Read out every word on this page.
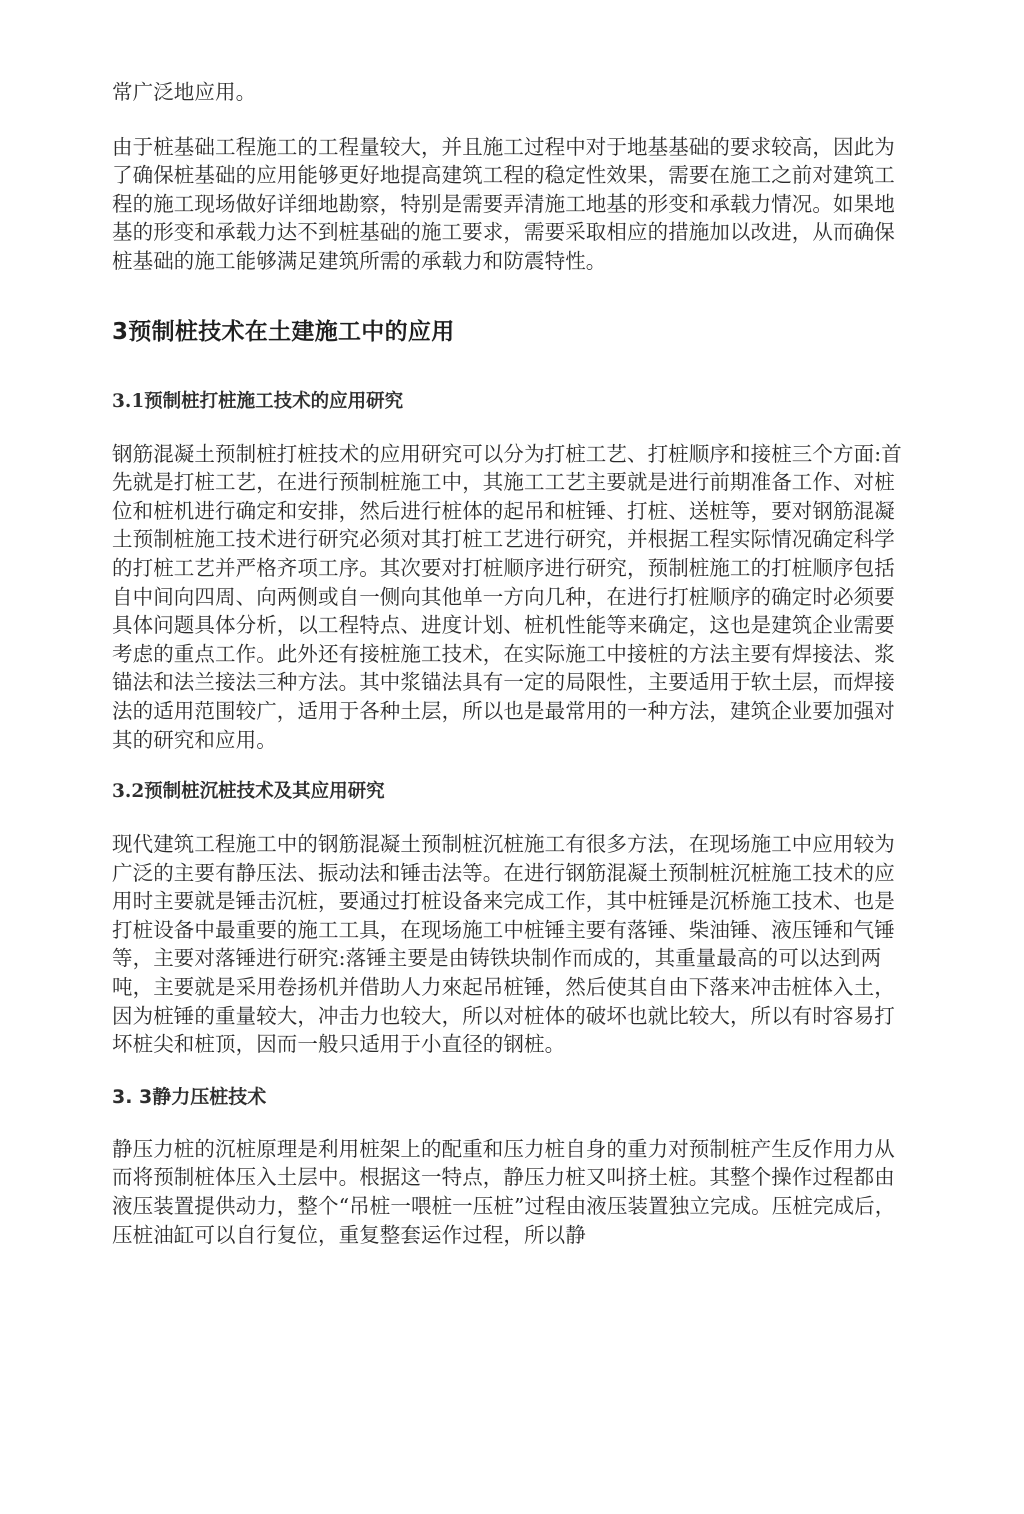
常广泛地应用。

由于桩基础工程施工的工程量较大，并且施工过程中对于地基基础的要求较高，因此为了确保桩基础的应用能够更好地提高建筑工程的稳定性效果，需要在施工之前对建筑工程的施工现场做好详细地勘察，特别是需要弄清施工地基的形变和承载力情况。如果地基的形变和承载力达不到桩基础的施工要求，需要采取相应的措施加以改进，从而确保桩基础的施工能够满足建筑所需的承载力和防震特性。

3预制桩技术在土建施工中的应用
3.1预制桩打桩施工技术的应用研究

钢筋混凝土预制桩打桩技术的应用研究可以分为打桩工艺、打桩顺序和接桩三个方面:首先就是打桩工艺，在进行预制桩施工中，其施工工艺主要就是进行前期准备工作、对桩位和桩机进行确定和安排，然后进行桩体的起吊和桩锤、打桩、送桩等，要对钢筋混凝土预制桩施工技术进行研究必须对其打桩工艺进行研究，并根据工程实际情况确定科学的打桩工艺并严格齐项工序。其次要对打桩顺序进行研究，预制桩施工的打桩顺序包括自中间向四周、向两侧或自一侧向其他单一方向几种，在进行打桩顺序的确定时必须要具体问题具体分析，以工程特点、进度计划、桩机性能等来确定，这也是建筑企业需要考虑的重点工作。此外还有接桩施工技术，在实际施工中接桩的方法主要有焊接法、浆锚法和法兰接法三种方法。其中浆锚法具有一定的局限性，主要适用于软土层，而焊接法的适用范围较广，适用于各种土层，所以也是最常用的一种方法，建筑企业要加强对其的研究和应用。

3.2预制桩沉桩技术及其应用研究

现代建筑工程施工中的钢筋混凝土预制桩沉桩施工有很多方法，在现场施工中应用较为广泛的主要有静压法、振动法和锤击法等。在进行钢筋混凝土预制桩沉桩施工技术的应用时主要就是锤击沉桩，要通过打桩设备来完成工作，其中桩锤是沉桥施工技术、也是打桩设备中最重要的施工工具，在现场施工中桩锤主要有落锤、柴油锤、液压锤和气锤等，主要对落锤进行研究:落锤主要是由铸铁块制作而成的，其重量最高的可以达到两吨，主要就是采用卷扬机并借助人力來起吊桩锤，然后使其自由下落来冲击桩体入土，因为桩锤的重量较大，冲击力也较大，所以对桩体的破坏也就比较大，所以有时容易打坏桩尖和桩顶，因而一般只适用于小直径的钢桩。

3. 3静力压桩技术

静压力桩的沉桩原理是利用桩架上的配重和压力桩自身的重力对预制桩产生反作用力从而将预制桩体压入土层中。根据这一特点，静压力桩又叫挤土桩。其整个操作过程都由液压装置提供动力，整个“吊桩一喂桩一压桩”过程由液压装置独立完成。压桩完成后，压桩油缸可以自行复位，重复整套运作过程，所以静
